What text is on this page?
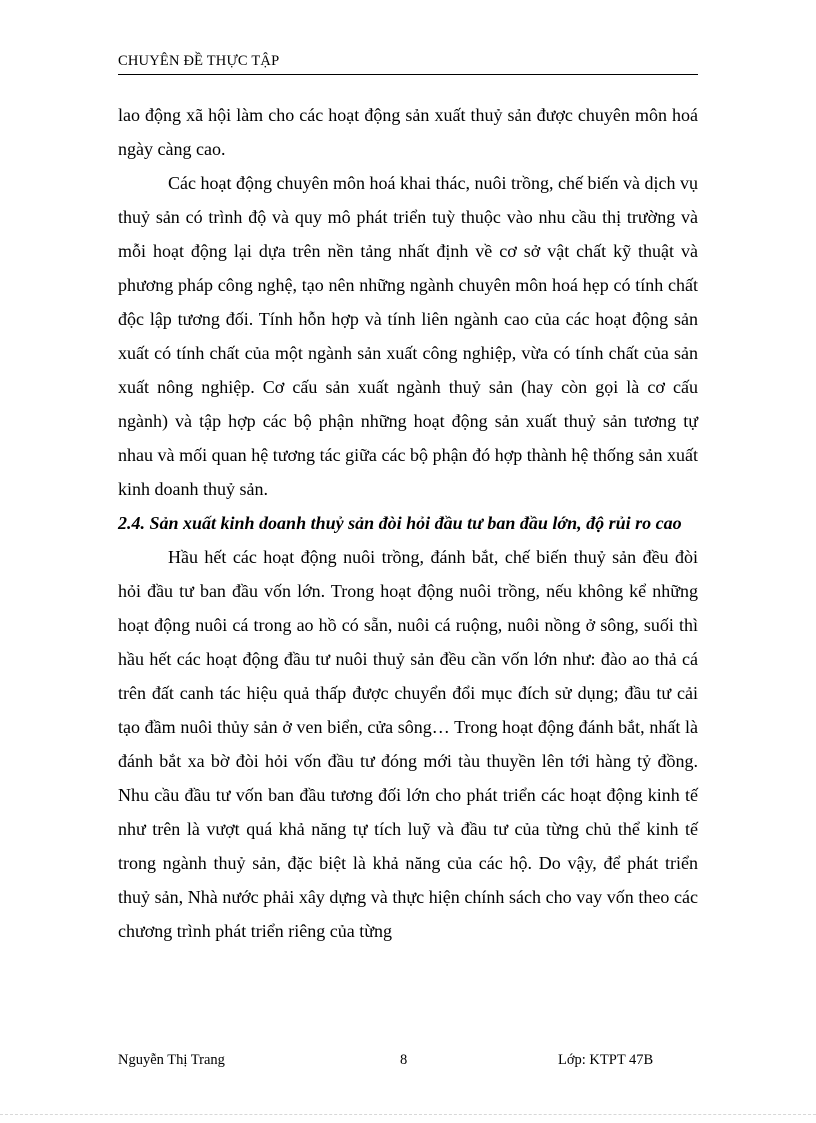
CHUYÊN ĐỀ THỰC TẬP

lao động xã hội làm cho các hoạt động sản xuất thuỷ sản được chuyên môn hoá ngày càng cao.

Các hoạt động chuyên môn hoá khai thác, nuôi trồng, chế biến và dịch vụ thuỷ sản có trình độ và quy mô phát triển tuỳ thuộc vào nhu cầu thị trường và mỗi hoạt động lại dựa trên nền tảng nhất định về cơ sở vật chất kỹ thuật và phương pháp công nghệ, tạo nên những ngành chuyên môn hoá hẹp có tính chất độc lập tương đối. Tính hỗn hợp và tính liên ngành cao của các hoạt động sản xuất có tính chất của một ngành sản xuất công nghiệp, vừa có tính chất của sản xuất nông nghiệp. Cơ cấu sản xuất ngành thuỷ sản (hay còn gọi là cơ cấu ngành) và tập hợp các bộ phận những hoạt động sản xuất thuỷ sản tương tự nhau và mối quan hệ tương tác giữa các bộ phận đó hợp thành hệ thống sản xuất kinh doanh thuỷ sản.

2.4. Sản xuất kinh doanh thuỷ sản đòi hỏi đầu tư ban đầu lớn, độ rủi ro cao

Hầu hết các hoạt động nuôi trồng, đánh bắt, chế biến thuỷ sản đều đòi hỏi đầu tư ban đầu vốn lớn. Trong hoạt động nuôi trồng, nếu không kể những hoạt động nuôi cá trong ao hồ có sẵn, nuôi cá ruộng, nuôi nồng ở sông, suối thì hầu hết các hoạt động đầu tư nuôi thuỷ sản đều cần vốn lớn như: đào ao thả cá trên đất canh tác hiệu quả thấp được chuyển đổi mục đích sử dụng; đầu tư cải tạo đầm nuôi thủy sản ở ven biển, cửa sông… Trong hoạt động đánh bắt, nhất là đánh bắt xa bờ đòi hỏi vốn đầu tư đóng mới tàu thuyền lên tới hàng tỷ đồng. Nhu cầu đầu tư vốn ban đầu tương đối lớn cho phát triển các hoạt động kinh tế như trên là vượt quá khả năng tự tích luỹ và đầu tư của từng chủ thể kinh tế trong ngành thuỷ sản, đặc biệt là khả năng của các hộ. Do vậy, để phát triển thuỷ sản, Nhà nước phải xây dựng và thực hiện chính sách cho vay vốn theo các chương trình phát triển riêng của từng

Nguyễn Thị Trang	8	Lớp: KTPT 47B
